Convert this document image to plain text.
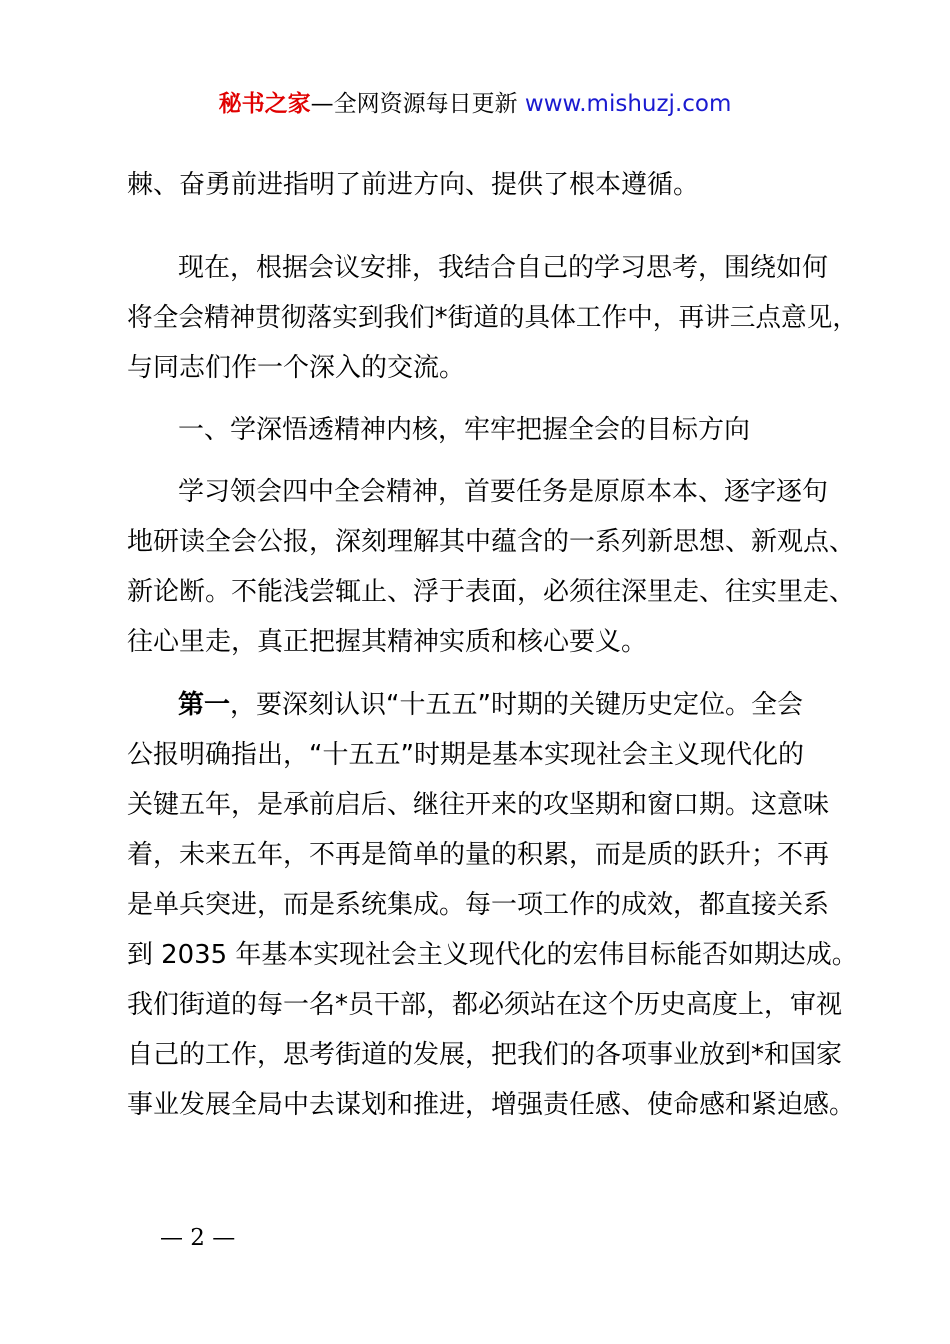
秘书之家—全网资源每日更新 www.mishuzj.com
棘、奋勇前进指明了前进方向、提供了根本遵循。
现在，根据会议安排，我结合自己的学习思考，围绕如何
将全会精神贯彻落实到我们*街道的具体工作中，再讲三点意见，
与同志们作一个深入的交流。
一、学深悟透精神内核，牢牢把握全会的目标方向
学习领会四中全会精神，首要任务是原原本本、逐字逐句
地研读全会公报，深刻理解其中蕴含的一系列新思想、新观点、
新论断。不能浅尝辄止、浮于表面，必须往深里走、往实里走、
往心里走，真正把握其精神实质和核心要义。
第一 ，要深刻认识“十五五”时期的关键历史定位。全会
公报明确指出，“十五五”时期是基本实现社会主义现代化的
关键五年，是承前启后、继往开来的攻坚期和窗口期。这意味
着，未来五年，不再是简单的量的积累，而是质的跃升；不再
是单兵突进，而是系统集成。每一项工作的成效，都直接关系
到 2035 年基本实现社会主义现代化的宏伟目标能否如期达成。
我们街道的每一名*员干部，都必须站在这个历史高度上，审视
自己的工作，思考街道的发展，把我们的各项事业放到*和国家
事业发展全局中去谋划和推进，增强责任感、使命感和紧迫感。
— 2 —
